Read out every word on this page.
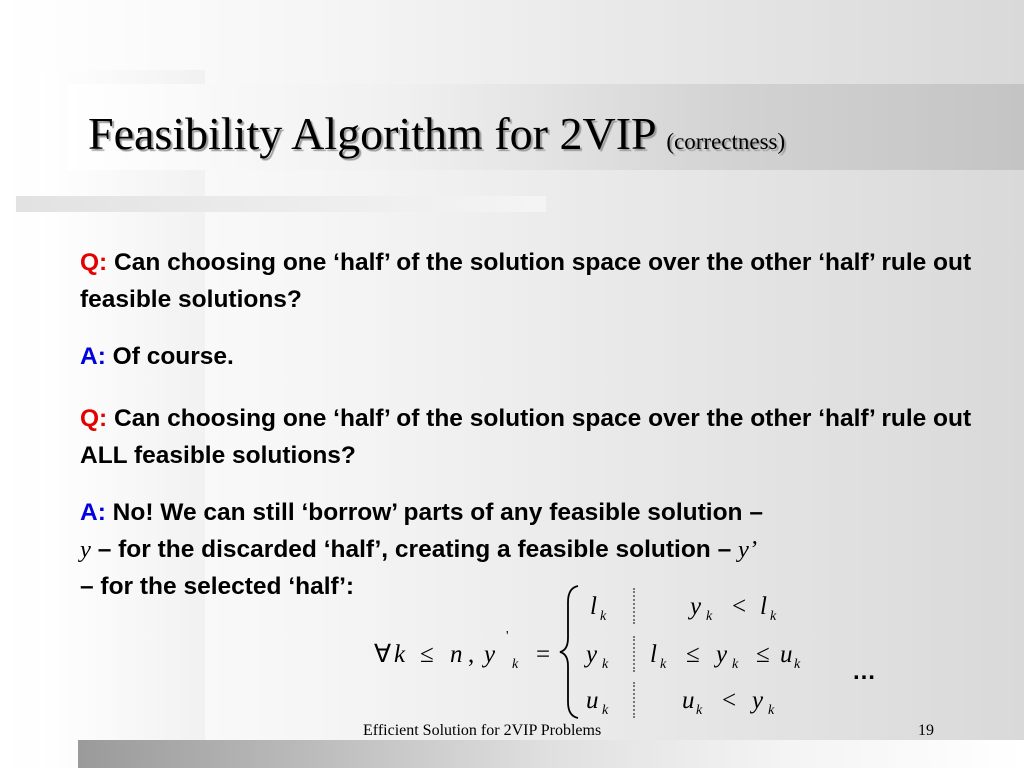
Feasibility Algorithm for 2VIP (correctness)

Q: Can choosing one ‘half’ of the solution space over the other ‘half’ rule out feasible solutions?

A: Of course.

Q: Can choosing one ‘half’ of the solution space over the other ‘half’ rule out ALL feasible solutions?

A: No! We can still ‘borrow’ parts of any feasible solution –
y – for the discarded ‘half’, creating a feasible solution – y’
– for the selected ‘half’:

∀ k ≤ n , y
'
k =
l k	y k < l k
y k l k ≤ y k ≤ u k
u k	u k < y k
…
Efficient Solution for 2VIP Problems	19
